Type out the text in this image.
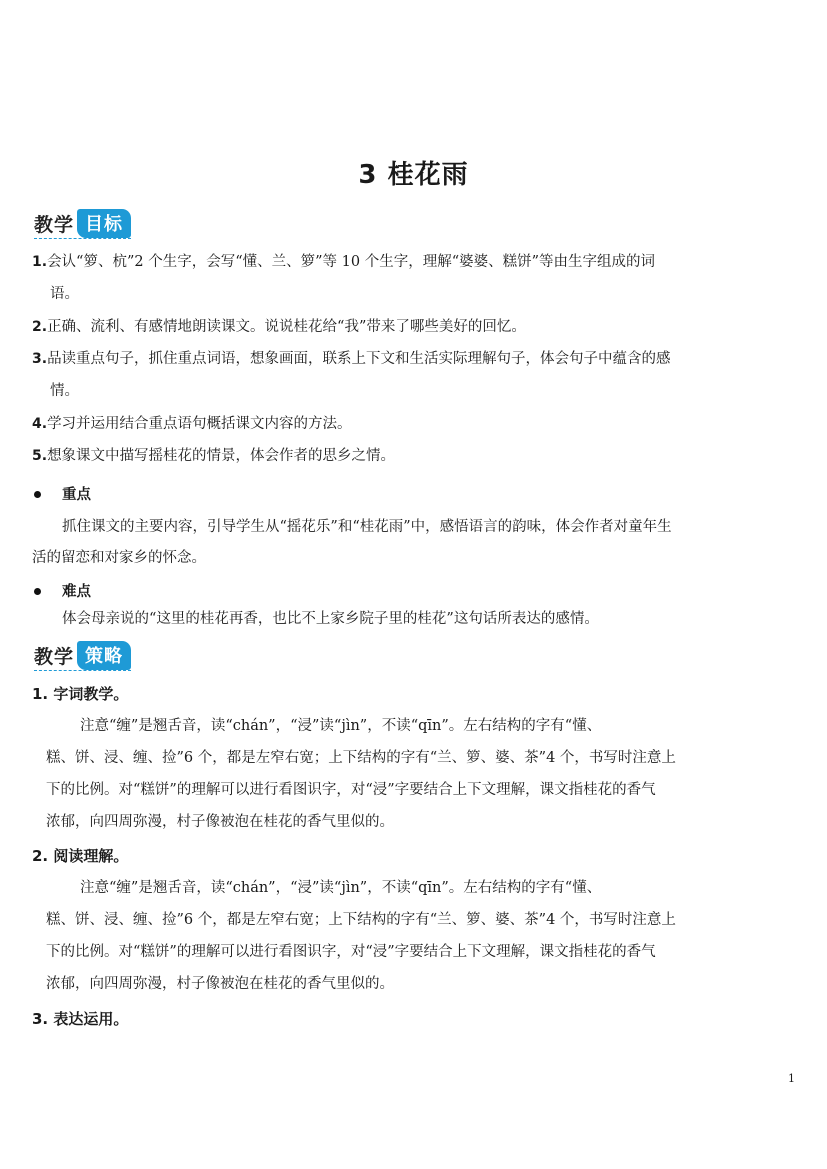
3 桂花雨
教学 目标
1.会认“箩、杭”2 个生字，会写“懂、兰、箩”等 10 个生字，理解“婆婆、糕饼”等由生字组成的词
语。
2.正确、流利、有感情地朗读课文。说说桂花给“我”带来了哪些美好的回忆。
3.品读重点句子，抓住重点词语，想象画面，联系上下文和生活实际理解句子，体会句子中蕴含的感
情。
4.学习并运用结合重点语句概括课文内容的方法。
5.想象课文中描写摇桂花的情景，体会作者的思乡之情。
重点
抓住课文的主要内容，引导学生从“摇花乐”和“桂花雨”中，感悟语言的韵味，体会作者对童年生
活的留恋和对家乡的怀念。
难点
体会母亲说的“这里的桂花再香，也比不上家乡院子里的桂花”这句话所表达的感情。
教学 策略
1. 字词教学。
注意“缠”是翘舌音，读“chán”，“浸”读“jìn”，不读“qīn”。左右结构的字有“懂、
糕、饼、浸、缠、捡”6 个，都是左窄右宽；上下结构的字有“兰、箩、婆、茶”4 个，书写时注意上
下的比例。对“糕饼”的理解可以进行看图识字，对“浸”字要结合上下文理解，课文指桂花的香气
浓郁，向四周弥漫，村子像被泡在桂花的香气里似的。
2. 阅读理解。
注意“缠”是翘舌音，读“chán”，“浸”读“jìn”，不读“qīn”。左右结构的字有“懂、
糕、饼、浸、缠、捡”6 个，都是左窄右宽；上下结构的字有“兰、箩、婆、茶”4 个，书写时注意上
下的比例。对“糕饼”的理解可以进行看图识字，对“浸”字要结合上下文理解，课文指桂花的香气
浓郁，向四周弥漫，村子像被泡在桂花的香气里似的。
3. 表达运用。
1
